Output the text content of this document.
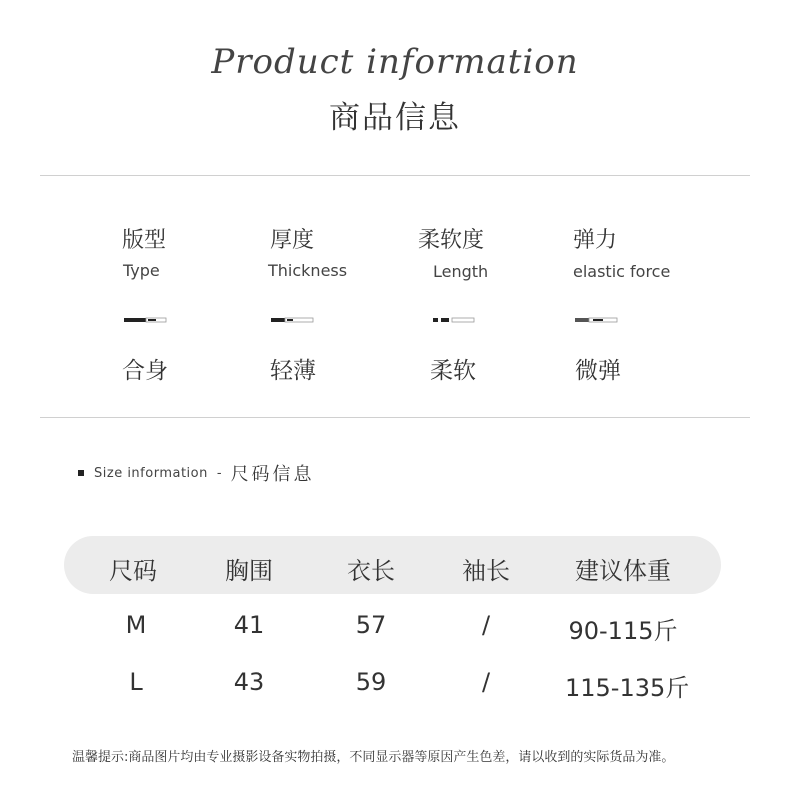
Product information
商品信息
版型	厚度	柔软度	弹力
Type	Thickness	Length	elastic force
合身	轻薄	柔软	微弹
Size information - 尺码信息
尺码	胸围	衣长	袖长	建议体重
M	41	57	/	90-115斤
L	43	59	/	115-135斤
温馨提示:商品图片均由专业摄影设备实物拍摄，不同显示器等原因产生色差，请以收到的实际货品为准。
